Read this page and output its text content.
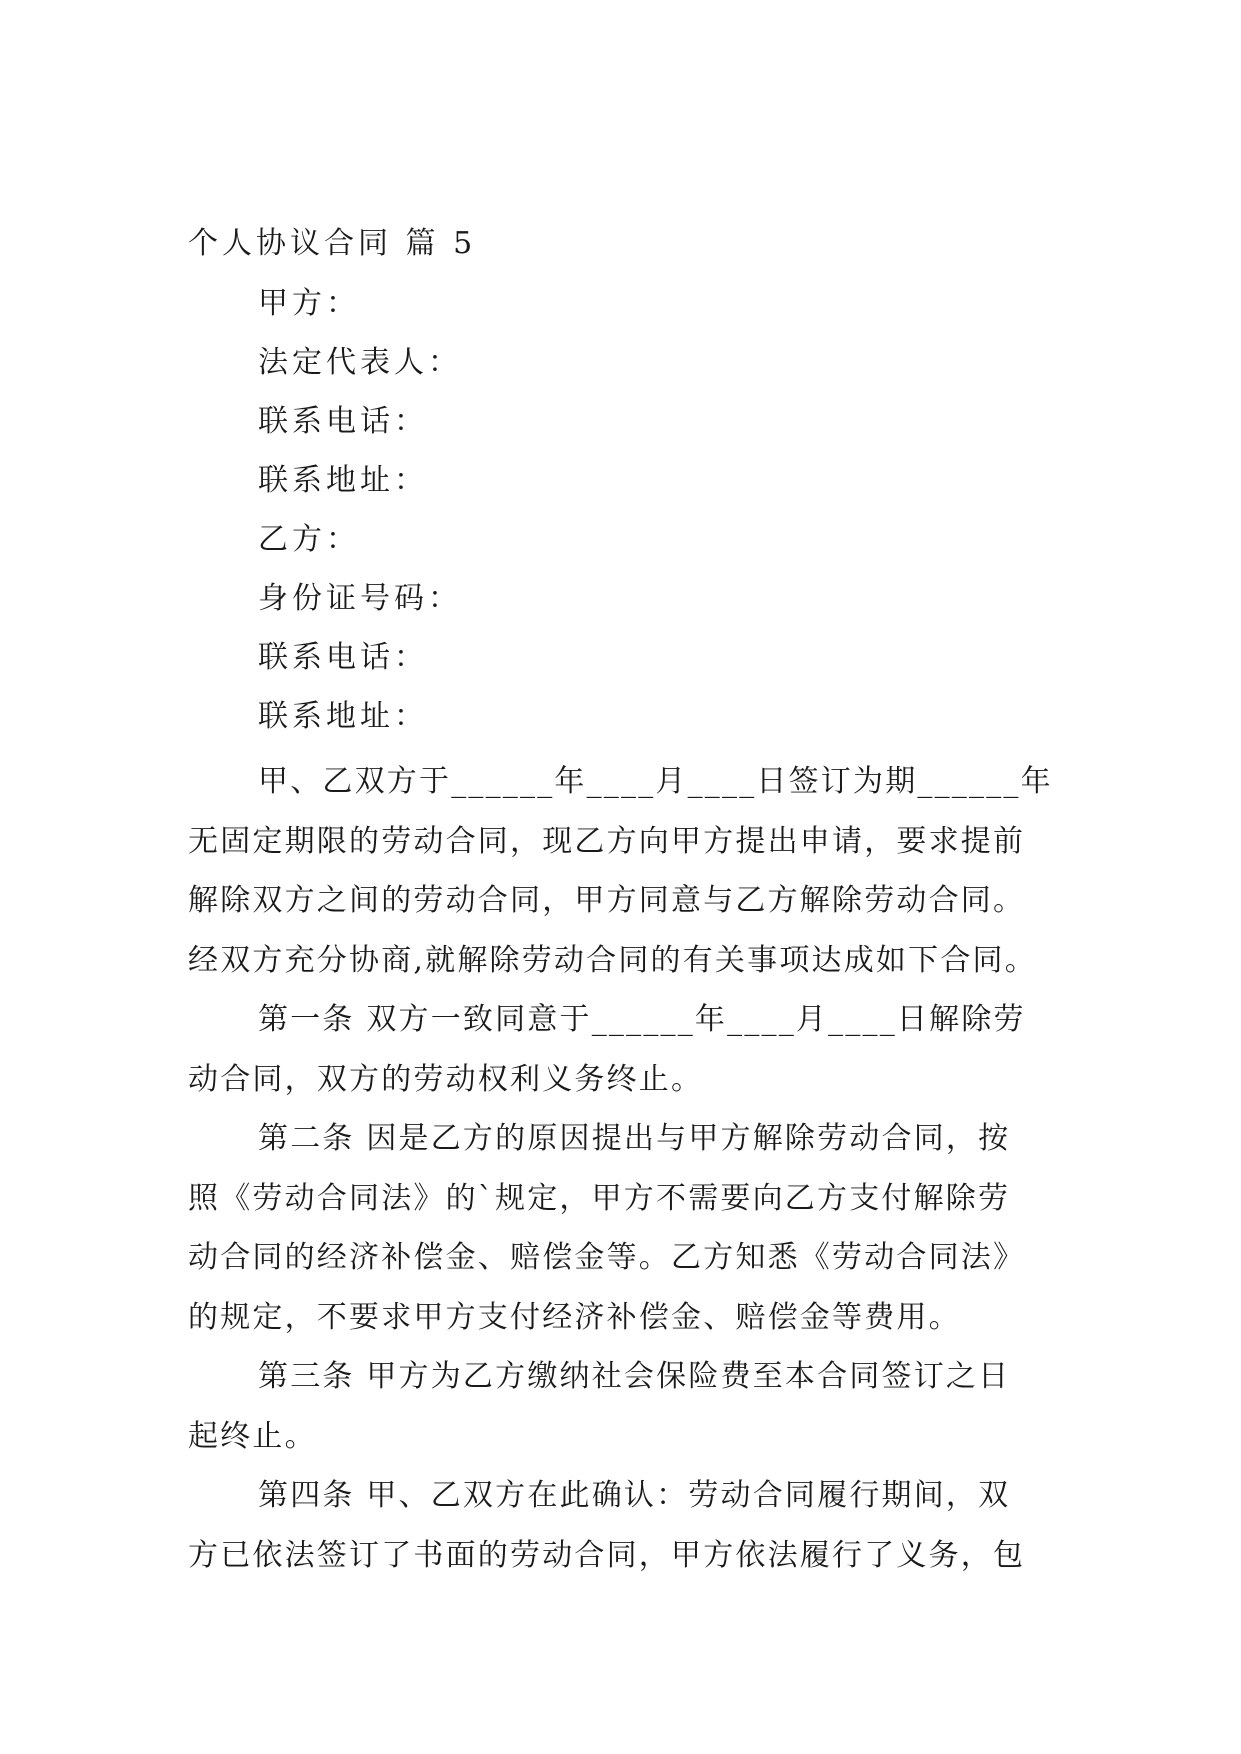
个人协议合同 篇 5
甲方：
法定代表人：
联系电话：
联系地址：
乙方：
身份证号码：
联系电话：
联系地址：

甲、乙双方于______年____月____日签订为期______年
无固定期限的劳动合同，现乙方向甲方提出申请，要求提前
解除双方之间的劳动合同，甲方同意与乙方解除劳动合同。
经双方充分协商,就解除劳动合同的有关事项达成如下合同。

第一条 双方一致同意于______年____月____日解除劳
动合同，双方的劳动权利义务终止。

第二条 因是乙方的原因提出与甲方解除劳动合同，按
照《劳动合同法》的`规定，甲方不需要向乙方支付解除劳
动合同的经济补偿金、赔偿金等。乙方知悉《劳动合同法》
的规定，不要求甲方支付经济补偿金、赔偿金等费用。

第三条 甲方为乙方缴纳社会保险费至本合同签订之日
起终止。

第四条 甲、乙双方在此确认：劳动合同履行期间，双
方已依法签订了书面的劳动合同，甲方依法履行了义务，包
